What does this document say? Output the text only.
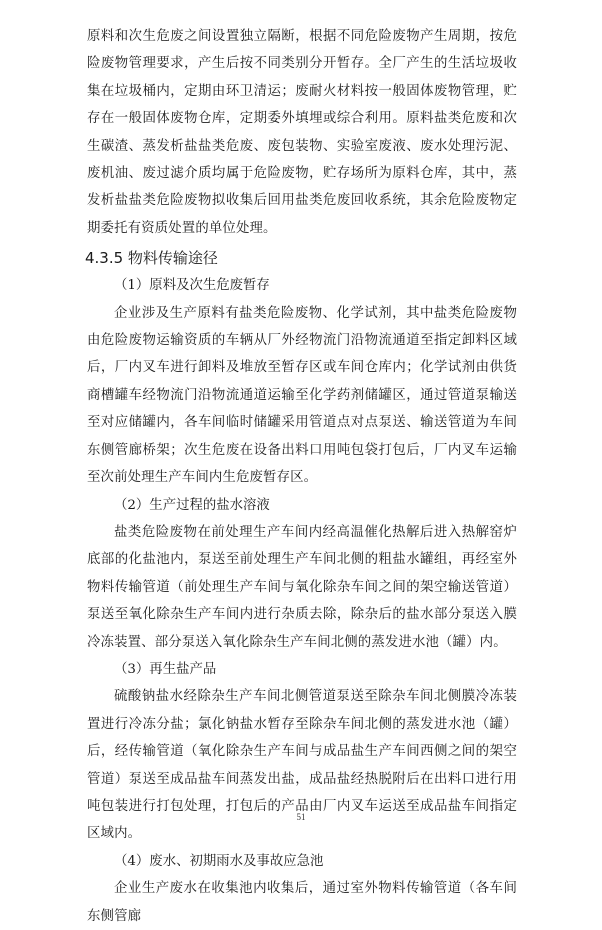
原料和次生危废之间设置独立隔断，根据不同危险废物产生周期，按危险废物管理要求，产生后按不同类别分开暂存。全厂产生的生活垃圾收集在垃圾桶内，定期由环卫清运；废耐火材料按一般固体废物管理，贮存在一般固体废物仓库，定期委外填埋或综合利用。原料盐类危废和次生碳渣、蒸发析盐盐类危废、废包装物、实验室废液、废水处理污泥、废机油、废过滤介质均属于危险废物，贮存场所为原料仓库，其中，蒸发析盐盐类危险废物拟收集后回用盐类危废回收系统，其余危险废物定期委托有资质处置的单位处理。

4.3.5 物料传输途径

（1）原料及次生危废暂存

企业涉及生产原料有盐类危险废物、化学试剂，其中盐类危险废物由危险废物运输资质的车辆从厂外经物流门沿物流通道至指定卸料区域后，厂内叉车进行卸料及堆放至暂存区或车间仓库内；化学试剂由供货商槽罐车经物流门沿物流通道运输至化学药剂储罐区，通过管道泵输送至对应储罐内，各车间临时储罐采用管道点对点泵送、输送管道为车间东侧管廊桥架；次生危废在设备出料口用吨包袋打包后，厂内叉车运输至次前处理生产车间内生危废暂存区。

（2）生产过程的盐水溶液

盐类危险废物在前处理生产车间内经高温催化热解后进入热解窑炉底部的化盐池内，泵送至前处理生产车间北侧的粗盐水罐组，再经室外物料传输管道（前处理生产车间与氧化除杂车间之间的架空输送管道）泵送至氧化除杂生产车间内进行杂质去除，除杂后的盐水部分泵送入膜冷冻装置、部分泵送入氧化除杂生产车间北侧的蒸发进水池（罐）内。

（3）再生盐产品

硫酸钠盐水经除杂生产车间北侧管道泵送至除杂车间北侧膜冷冻装置进行冷冻分盐；氯化钠盐水暂存至除杂车间北侧的蒸发进水池（罐）后，经传输管道（氧化除杂生产车间与成品盐生产车间西侧之间的架空管道）泵送至成品盐车间蒸发出盐，成品盐经热脱附后在出料口进行用吨包装进行打包处理，打包后的产品由厂内叉车运送至成品盐车间指定区域内。

（4）废水、初期雨水及事故应急池

企业生产废水在收集池内收集后，通过室外物料传输管道（各车间东侧管廊

51
